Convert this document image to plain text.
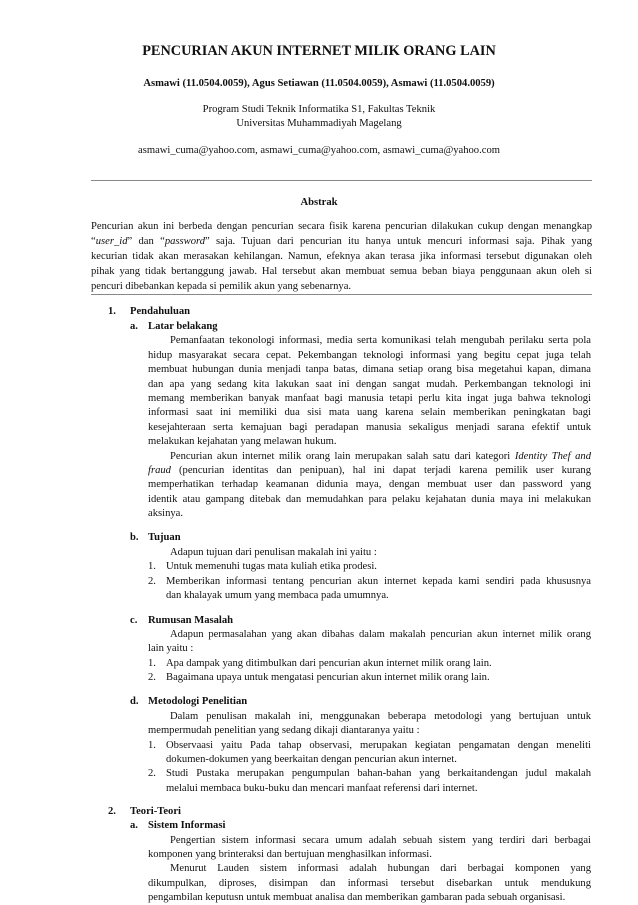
PENCURIAN AKUN INTERNET MILIK ORANG LAIN
Asmawi (11.0504.0059), Agus Setiawan (11.0504.0059), Asmawi (11.0504.0059)
Program Studi Teknik Informatika S1, Fakultas Teknik
Universitas Muhammadiyah Magelang
asmawi_cuma@yahoo.com, asmawi_cuma@yahoo.com, asmawi_cuma@yahoo.com
Abstrak
Pencurian akun ini berbeda dengan pencurian secara fisik karena pencurian dilakukan cukup dengan menangkap
“user_id” dan “password” saja. Tujuan dari pencurian itu hanya untuk mencuri informasi saja. Pihak yang
kecurian tidak akan merasakan kehilangan. Namun, efeknya akan terasa jika informasi tersebut digunakan oleh
pihak yang tidak bertanggung jawab. Hal tersebut akan membuat semua beban biaya penggunaan akun oleh si
pencuri dibebankan kepada si pemilik akun yang sebenarnya.
1. Pendahuluan
a. Latar belakang
Pemanfaatan tekonologi informasi, media serta komunikasi telah mengubah perilaku serta pola
hidup masyarakat secara cepat. Pekembangan teknologi informasi yang begitu cepat juga telah
membuat hubungan dunia menjadi tanpa batas, dimana setiap orang bisa megetahui kapan, dimana
dan apa yang sedang kita lakukan saat ini dengan sangat mudah. Perkembangan teknologi ini
memang memberikan banyak manfaat bagi manusia tetapi perlu kita ingat juga bahwa teknologi
informasi saat ini memiliki dua sisi mata uang karena selain memberikan peningkatan bagi
kesejahteraan serta kemajuan bagi peradapan manusia sekaligus menjadi sarana efektif untuk
melakukan kejahatan yang melawan hukum.
Pencurian akun internet milik orang lain merupakan salah satu dari kategori Identity Thef and
fraud (pencurian identitas dan penipuan), hal ini dapat terjadi karena pemilik user kurang
memperhatikan terhadap keamanan didunia maya, dengan membuat user dan password yang
identik atau gampang ditebak dan memudahkan para pelaku kejahatan dunia maya ini melakukan
aksinya.
b. Tujuan
Adapun tujuan dari penulisan makalah ini yaitu :
1. Untuk memenuhi tugas mata kuliah etika prodesi.
2. Memberikan informasi tentang pencurian akun internet kepada kami sendiri pada khususnya
dan khalayak umum yang membaca pada umumnya.
c. Rumusan Masalah
Adapun permasalahan yang akan dibahas dalam makalah pencurian akun internet milik orang
lain yaitu :
1. Apa dampak yang ditimbulkan dari pencurian akun internet milik orang lain.
2. Bagaimana upaya untuk mengatasi pencurian akun internet milik orang lain.
d. Metodologi Penelitian
Dalam penulisan makalah ini, menggunakan beberapa metodologi yang bertujuan untuk
mempermudah penelitian yang sedang dikaji diantaranya yaitu :
1. Observaasi yaitu Pada tahap observasi, merupakan kegiatan pengamatan dengan meneliti
dokumen-dokumen yang beerkaitan dengan pencurian akun internet.
2. Studi Pustaka merupakan pengumpulan bahan-bahan yang berkaitandengan judul makalah
melalui membaca buku-buku dan mencari manfaat referensi dari internet.
2. Teori-Teori
a. Sistem Informasi
Pengertian sistem informasi secara umum adalah sebuah sistem yang terdiri dari berbagai
komponen yang brinteraksi dan bertujuan menghasilkan informasi.
Menurut Lauden sistem informasi adalah hubungan dari berbagai komponen yang
dikumpulkan, diproses, disimpan dan informasi tersebut disebarkan untuk mendukung
pengambilan keputusn untuk membuat analisa dan memberikan gambaran pada sebuah organisasi.
